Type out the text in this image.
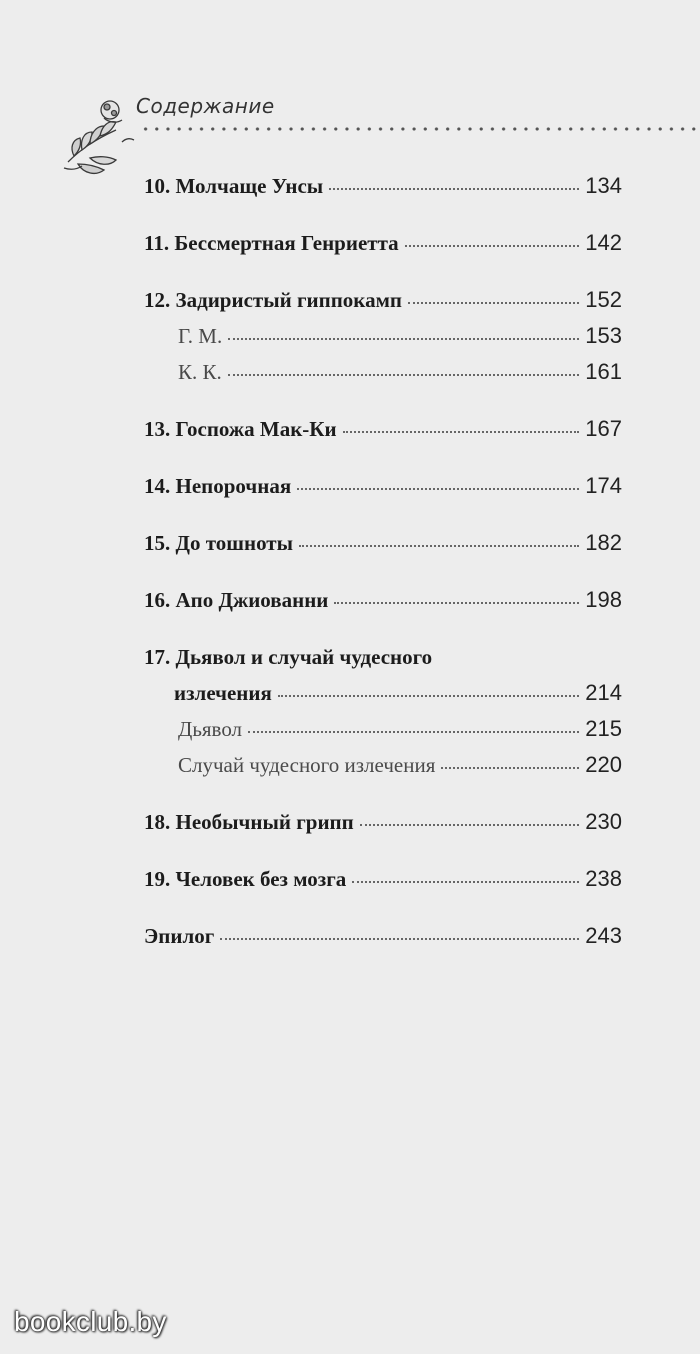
Содержание
10. Молчаще Унсы	134
11. Бессмертная Генриетта	142
12. Задиристый гиппокамп	152
Г. М.	153
К. К.	161
13. Госпожа Мак-Ки	167
14. Непорочная	174
15. До тошноты	182
16. Апо Джиованни	198
17. Дьявол и случай чудесного
излечения	214
Дьявол	215
Случай чудесного излечения	220
18. Необычный грипп	230
19. Человек без мозга	238
Эпилог	243
bookclub.by
